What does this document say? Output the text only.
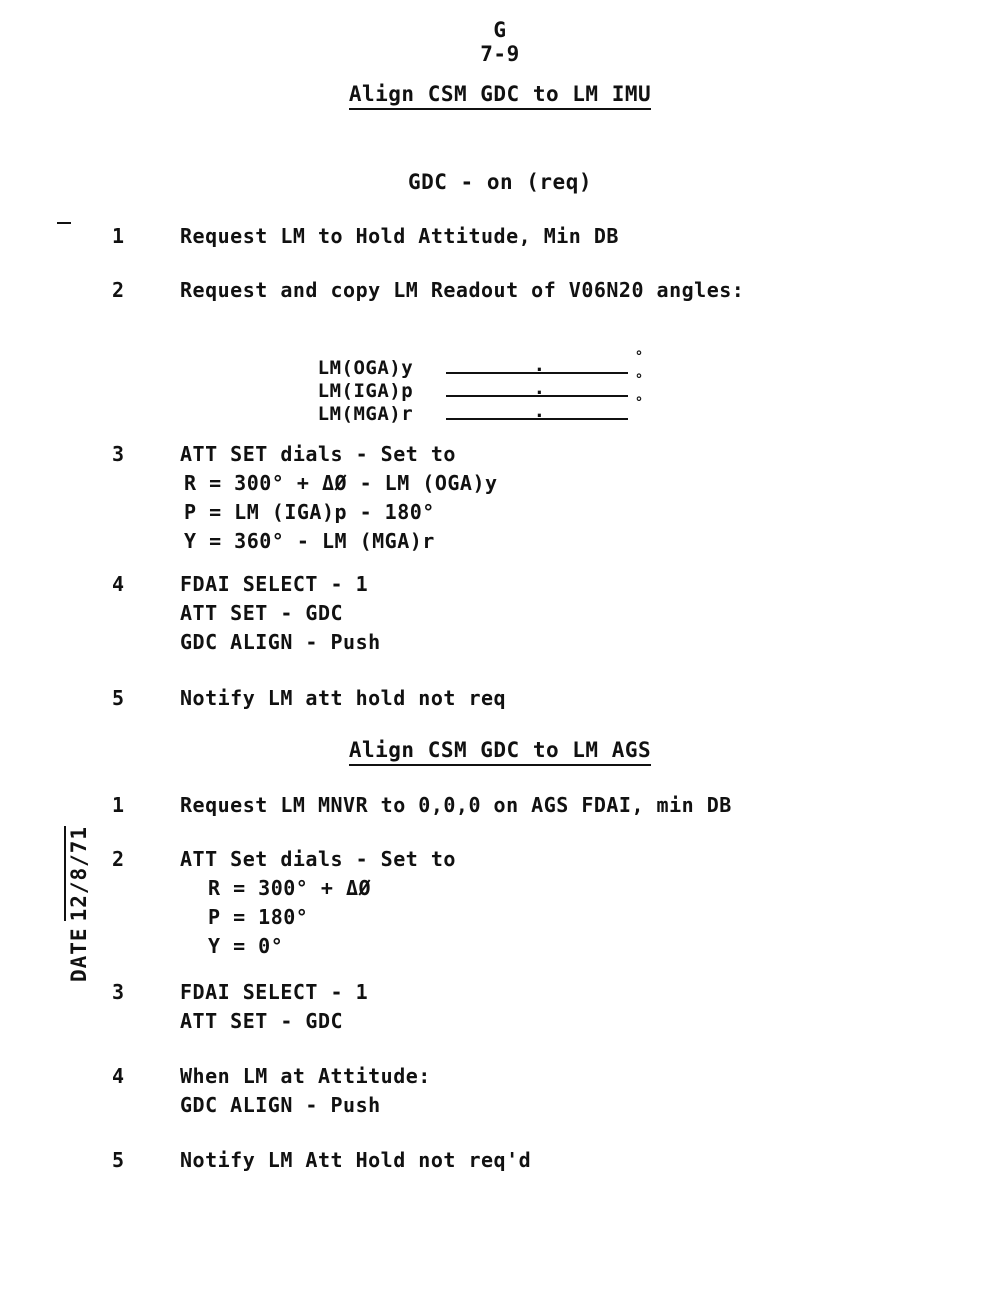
G
7-9
Align CSM GDC to LM IMU
GDC - on (req)
1	Request LM to Hold Attitude, Min DB
2	Request and copy LM Readout of V06N20 angles:

LM(OGA)y	.	°

LM(IGA)p	.	°

LM(MGA)r	.	°

3	ATT SET dials - Set to
R = 300° + ΔØ - LM (OGA)y
P = LM (IGA)p - 180°
Y = 360° - LM (MGA)r
4	FDAI SELECT - 1
ATT SET - GDC
GDC ALIGN - Push
5	Notify LM att hold not req
Align CSM GDC to LM AGS
1	Request LM MNVR to 0,0,0 on AGS FDAI, min DB
2	ATT Set dials - Set to
R = 300° + ΔØ
P = 180°
Y = 0°
3	FDAI SELECT - 1
ATT SET - GDC
4	When LM at Attitude:
GDC ALIGN - Push
5	Notify LM Att Hold not req'd
DATE12/8/71
